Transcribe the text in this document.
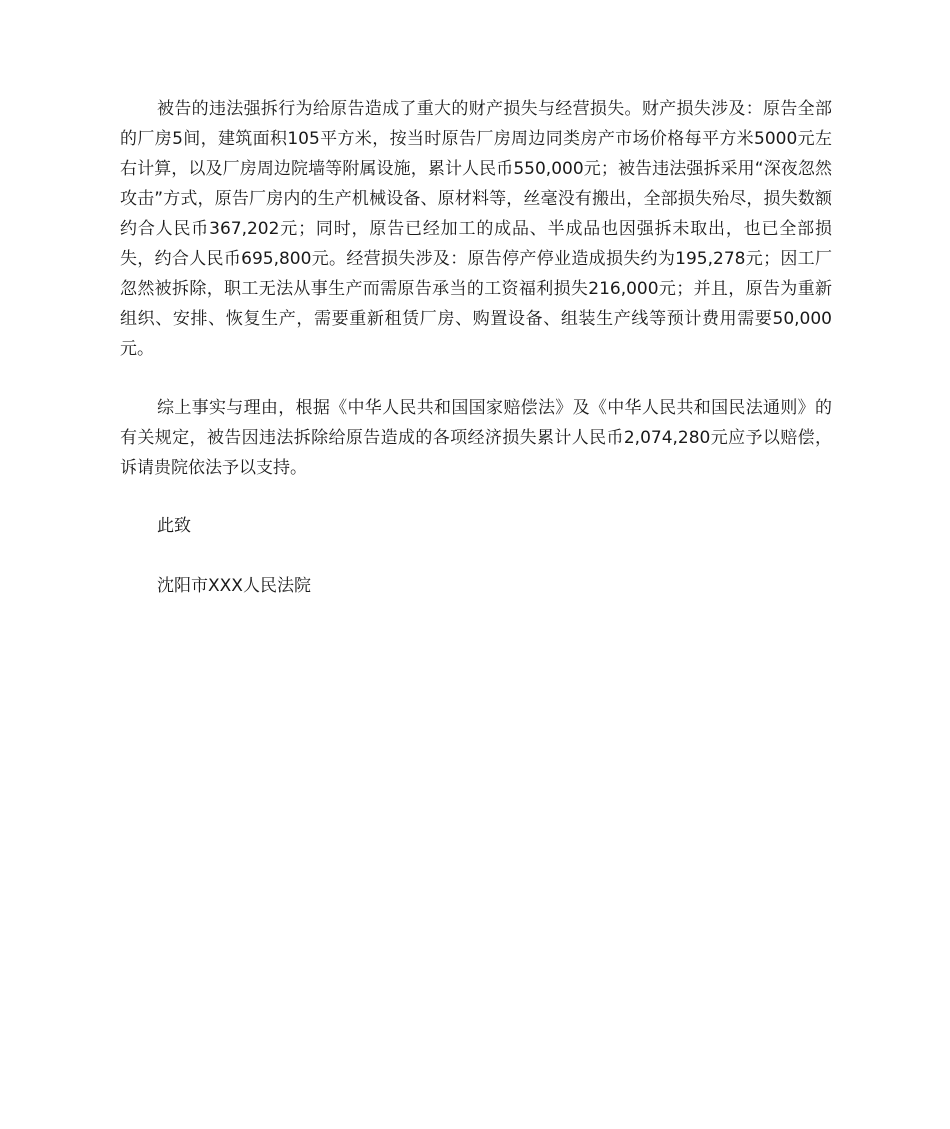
被告的违法强拆行为给原告造成了重大的财产损失与经营损失。财产损失涉及：原告全部的厂房5间，建筑面积105平方米，按当时原告厂房周边同类房产市场价格每平方米5000元左右计算，以及厂房周边院墙等附属设施，累计人民币550,000元；被告违法强拆采用“深夜忽然攻击”方式，原告厂房内的生产机械设备、原材料等，丝毫没有搬出，全部损失殆尽，损失数额约合人民币367,202元；同时，原告已经加工的成品、半成品也因强拆未取出，也已全部损失，约合人民币695,800元。经营损失涉及：原告停产停业造成损失约为195,278元；因工厂忽然被拆除，职工无法从事生产而需原告承当的工资福利损失216,000元；并且，原告为重新组织、安排、恢复生产，需要重新租赁厂房、购置设备、组装生产线等预计费用需要50,000元。

综上事实与理由，根据《中华人民共和国国家赔偿法》及《中华人民共和国民法通则》的有关规定，被告因违法拆除给原告造成的各项经济损失累计人民币2,074,280元应予以赔偿，诉请贵院依法予以支持。

此致

沈阳市XXX人民法院
